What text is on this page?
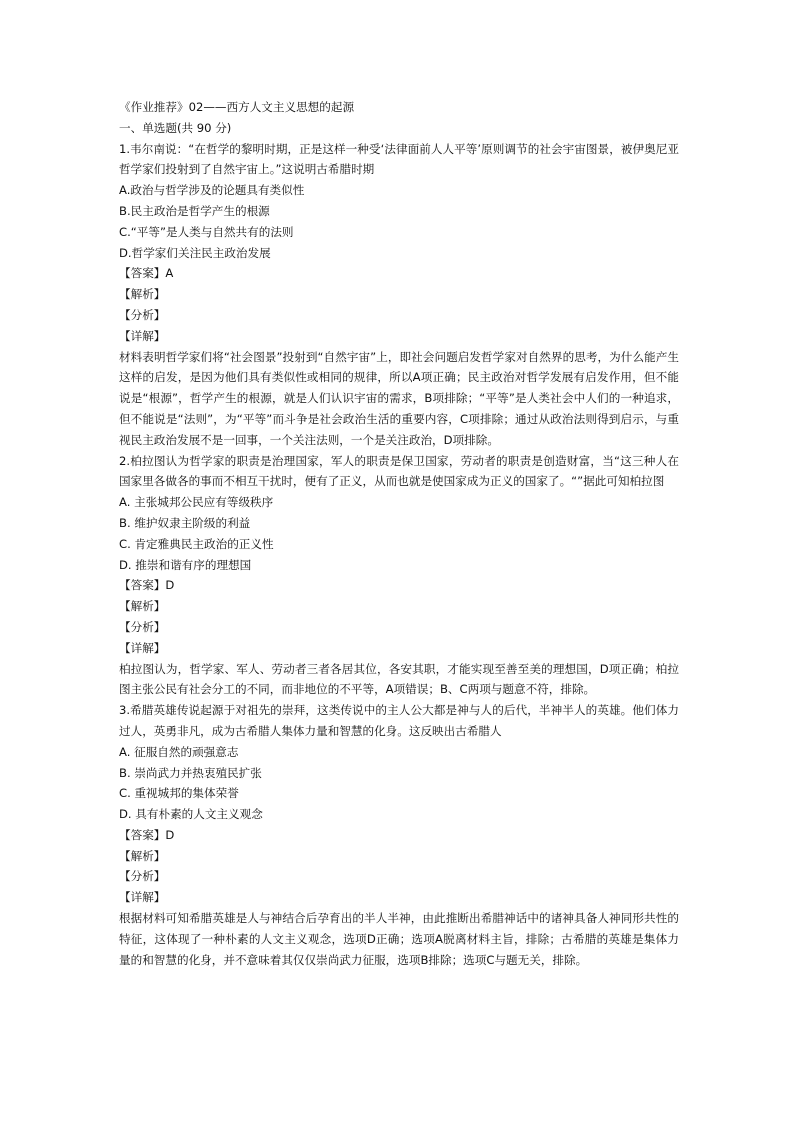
《作业推荐》02——西方人文主义思想的起源
一、单选题(共 90 分)
1.韦尔南说：“在哲学的黎明时期，正是这样一种受‘法律面前人人平等’原则调节的社会宇宙图景，被伊奥尼亚哲学家们投射到了自然宇宙上。”这说明古希腊时期
A.政治与哲学涉及的论题具有类似性
B.民主政治是哲学产生的根源
C.“平等”是人类与自然共有的法则
D.哲学家们关注民主政治发展
【答案】A
【解析】
【分析】
【详解】
材料表明哲学家们将“社会图景”投射到“自然宇宙”上，即社会问题启发哲学家对自然界的思考，为什么能产生这样的启发，是因为他们具有类似性或相同的规律，所以A项正确；民主政治对哲学发展有启发作用，但不能说是“根源”，哲学产生的根源，就是人们认识宇宙的需求，B项排除；“平等”是人类社会中人们的一种追求，但不能说是“法则”，为“平等”而斗争是社会政治生活的重要内容，C项排除；通过从政治法则得到启示，与重视民主政治发展不是一回事，一个关注法则，一个是关注政治，D项排除。
2.柏拉图认为哲学家的职责是治理国家，军人的职责是保卫国家，劳动者的职责是创造财富，当“这三种人在国家里各做各的事而不相互干扰时，便有了正义，从而也就是使国家成为正义的国家了。“”据此可知柏拉图
A. 主张城邦公民应有等级秩序
B. 维护奴隶主阶级的利益
C. 肯定雅典民主政治的正义性
D. 推崇和谐有序的理想国
【答案】D
【解析】
【分析】
【详解】
柏拉图认为，哲学家、军人、劳动者三者各居其位，各安其职，才能实现至善至美的理想国，D项正确；柏拉图主张公民有社会分工的不同，而非地位的不平等，A项错误；B、C两项与题意不符，排除。
3.希腊英雄传说起源于对祖先的崇拜，这类传说中的主人公大都是神与人的后代，半神半人的英雄。他们体力过人，英勇非凡，成为古希腊人集体力量和智慧的化身。这反映出古希腊人
A. 征服自然的顽强意志
B. 崇尚武力并热衷殖民扩张
C. 重视城邦的集体荣誉
D. 具有朴素的人文主义观念
【答案】D
【解析】
【分析】
【详解】
根据材料可知希腊英雄是人与神结合后孕育出的半人半神，由此推断出希腊神话中的诸神具备人神同形共性的特征，这体现了一种朴素的人文主义观念，选项D正确；选项A脱离材料主旨，排除；古希腊的英雄是集体力量的和智慧的化身，并不意味着其仅仅崇尚武力征服，选项B排除；选项C与题无关，排除。
